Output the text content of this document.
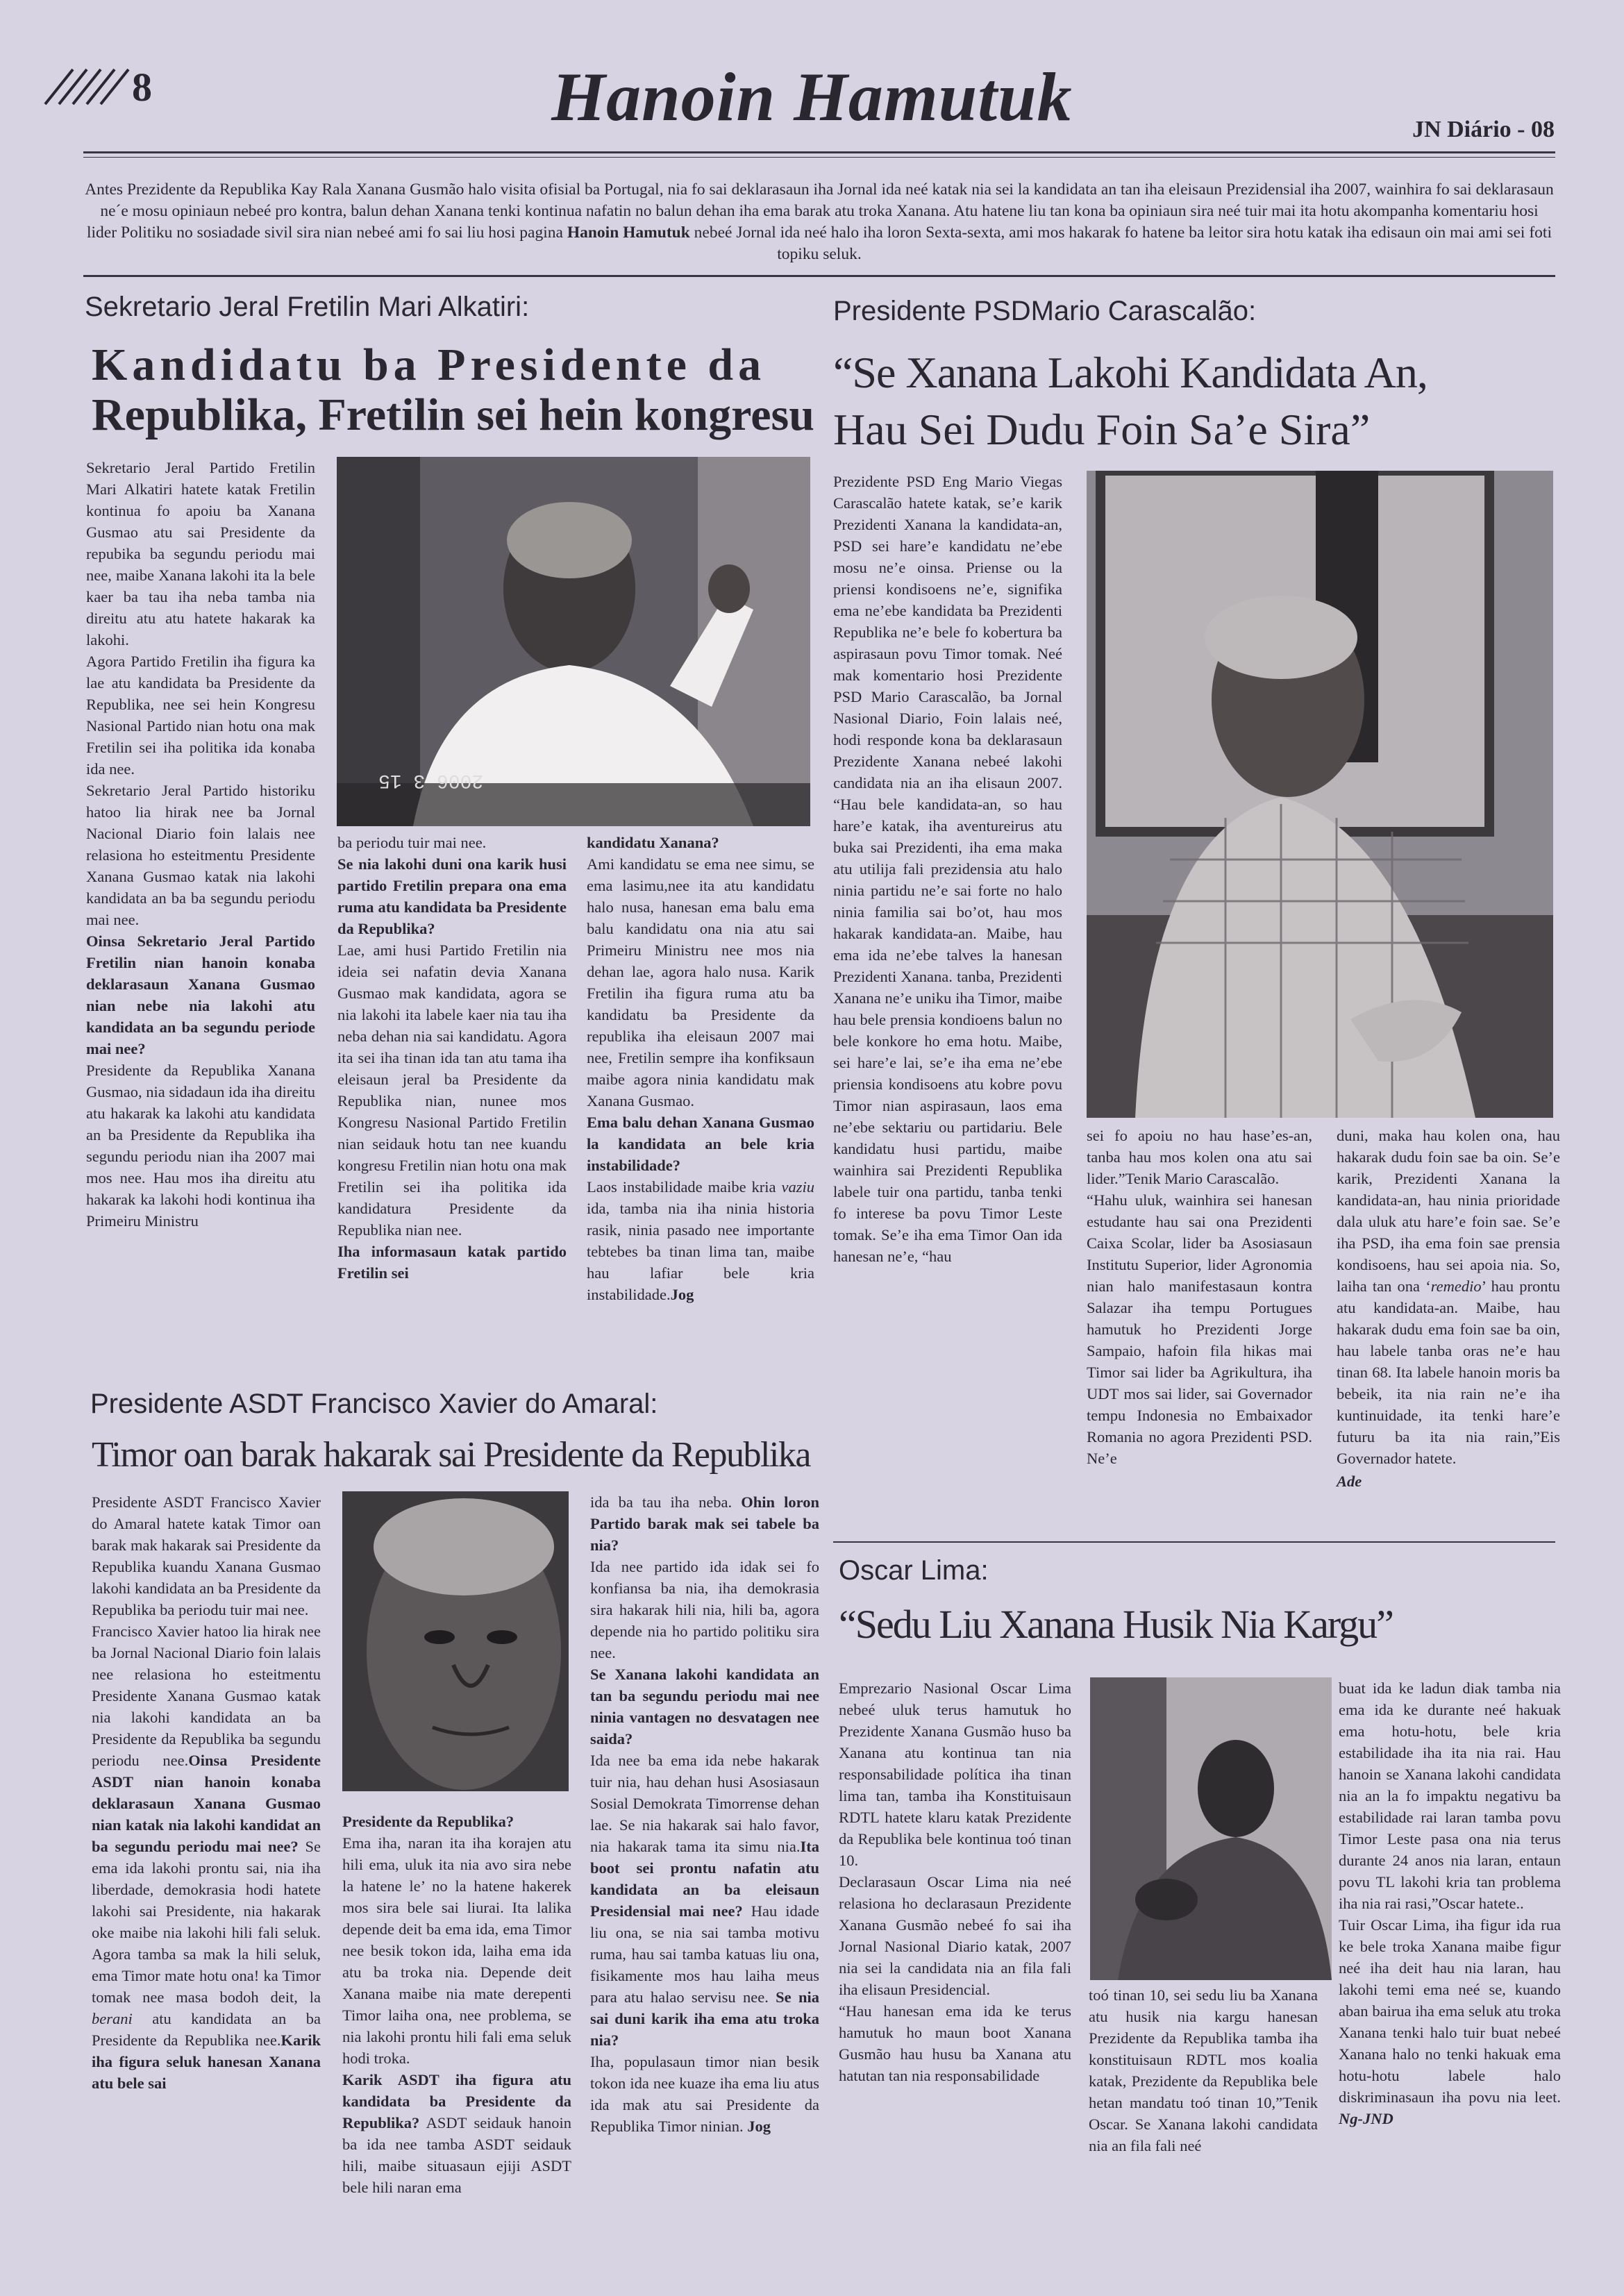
8	Hanoin Hamutuk	JN Diário - 08
Antes Prezidente da Republika Kay Rala Xanana Gusmão halo visita ofisial ba Portugal, nia fo sai deklarasaun iha Jornal ida neé katak nia sei la kandidata an tan iha eleisaun Prezidensial iha 2007, wainhira fo sai deklarasaun ne´e mosu opiniaun nebeé pro kontra, balun dehan Xanana tenki kontinua nafatin no balun dehan iha ema barak atu troka Xanana. Atu hatene liu tan kona ba opiniaun sira neé tuir mai ita hotu akompanha komentariu hosi lider Politiku no sosiadade sivil sira nian nebeé ami fo sai liu hosi pagina Hanoin Hamutuk nebeé Jornal ida neé halo iha loron Sexta-sexta, ami mos hakarak fo hatene ba leitor sira hotu katak iha edisaun oin mai ami sei foti topiku seluk.
Sekretario Jeral Fretilin Mari Alkatiri:
Kandidatu ba Presidente da
Republika, Fretilin sei hein kongresu

Sekretario Jeral Partido Fretilin Mari Alkatiri hatete katak Fretilin kontinua fo apoiu ba Xanana Gusmao atu sai Presidente da repubika ba segundu periodu mai nee, maibe Xanana lakohi ita la bele kaer ba tau iha neba tamba nia direitu atu atu hatete hakarak ka lakohi.

Agora Partido Fretilin iha figura ka lae atu kandidata ba Presidente da Republika, nee sei hein Kongresu Nasional Partido nian hotu ona mak Fretilin sei iha politika ida konaba ida nee.

Sekretario Jeral Partido historiku hatoo lia hirak nee ba Jornal Nacional Diario foin lalais nee relasiona ho esteitmentu Presidente Xanana Gusmao katak nia lakohi kandidata an ba ba segundu periodu mai nee.

Oinsa Sekretario Jeral Partido Fretilin nian hanoin konaba deklarasaun Xanana Gusmao nian nebe nia lakohi atu kandidata an ba segundu periode mai nee?

Presidente da Republika Xanana Gusmao, nia sidadaun ida iha direitu atu hakarak ka lakohi atu kandidata an ba Presidente da Republika iha segundu periodu nian iha 2007 mai mos nee. Hau mos iha direitu atu hakarak ka lakohi hodi kontinua iha Primeiru Ministru

2006 3 15

ba periodu tuir mai nee.

Se nia lakohi duni ona karik husi partido Fretilin prepara ona ema ruma atu kandidata ba Presidente da Republika?

Lae, ami husi Partido Fretilin nia ideia sei nafatin devia Xanana Gusmao mak kandidata, agora se nia lakohi ita labele kaer nia tau iha neba dehan nia sai kandidatu. Agora ita sei iha tinan ida tan atu tama iha eleisaun jeral ba Presidente da Republika nian, nunee mos Kongresu Nasional Partido Fretilin nian seidauk hotu tan nee kuandu kongresu Fretilin nian hotu ona mak Fretilin sei iha politika ida kandidatura Presidente da Republika nian nee.

Iha informasaun katak partido Fretilin sei

kandidatu Xanana?

Ami kandidatu se ema nee simu, se ema lasimu,nee ita atu kandidatu halo nusa, hanesan ema balu ema balu kandidatu ona nia atu sai Primeiru Ministru nee mos nia dehan lae, agora halo nusa. Karik Fretilin iha figura ruma atu ba kandidatu ba Presidente da republika iha eleisaun 2007 mai nee, Fretilin sempre iha konfiksaun maibe agora ninia kandidatu mak Xanana Gusmao.

Ema balu dehan Xanana Gusmao la kandidata an bele kria instabilidade?

Laos instabilidade maibe kria vaziu ida, tamba nia iha ninia historia rasik, ninia pasado nee importante tebtebes ba tinan lima tan, maibe hau lafiar bele kria instabilidade.Jog

Presidente ASDT Francisco Xavier do Amaral:
Timor oan barak hakarak sai Presidente da Republika

Presidente ASDT Francisco Xavier do Amaral hatete katak Timor oan barak mak hakarak sai Presidente da Republika kuandu Xanana Gusmao lakohi kandidata an ba Presidente da Republika ba periodu tuir mai nee.

Francisco Xavier hatoo lia hirak nee ba Jornal Nacional Diario foin lalais nee relasiona ho esteitmentu Presidente Xanana Gusmao katak nia lakohi kandidata an ba Presidente da Republika ba segundu periodu nee.Oinsa Presidente ASDT nian hanoin konaba deklarasaun Xanana Gusmao nian katak nia lakohi kandidat an ba segundu periodu mai nee? Se ema ida lakohi prontu sai, nia iha liberdade, demokrasia hodi hatete lakohi sai Presidente, nia hakarak oke maibe nia lakohi hili fali seluk. Agora tamba sa mak la hili seluk, ema Timor mate hotu ona! ka Timor tomak nee masa bodoh deit, la berani atu kandidata an ba Presidente da Republika nee.Karik iha figura seluk hanesan Xanana atu bele sai

Presidente da Republika?

Ema iha, naran ita iha korajen atu hili ema, uluk ita nia avo sira nebe la hatene le’ no la hatene hakerek mos sira bele sai liurai. Ita lalika depende deit ba ema ida, ema Timor nee besik tokon ida, laiha ema ida atu ba troka nia. Depende deit Xanana maibe nia mate derepenti Timor laiha ona, nee problema, se nia lakohi prontu hili fali ema seluk hodi troka.

Karik ASDT iha figura atu kandidata ba Presidente da Republika? ASDT seidauk hanoin ba ida nee tamba ASDT seidauk hili, maibe situasaun ejiji ASDT bele hili naran ema

ida ba tau iha neba. Ohin loron Partido barak mak sei tabele ba nia?

Ida nee partido ida idak sei fo konfiansa ba nia, iha demokrasia sira hakarak hili nia, hili ba, agora depende nia ho partido politiku sira nee.

Se Xanana lakohi kandidata an tan ba segundu periodu mai nee ninia vantagen no desvatagen nee saida?

Ida nee ba ema ida nebe hakarak tuir nia, hau dehan husi Asosiasaun Sosial Demokrata Timorrense dehan lae. Se nia hakarak sai halo favor, nia hakarak tama ita simu nia.Ita boot sei prontu nafatin atu kandidata an ba eleisaun Presidensial mai nee? Hau idade liu ona, se nia sai tamba motivu ruma, hau sai tamba katuas liu ona, fisikamente mos hau laiha meus para atu halao servisu nee. Se nia sai duni karik iha ema atu troka nia?

Iha, populasaun timor nian besik tokon ida nee kuaze iha ema liu atus ida mak atu sai Presidente da Republika Timor ninian. Jog

Presidente PSDMario Carascalão:
“Se Xanana Lakohi Kandidata An,
Hau Sei Dudu Foin Sa’e Sira”

Prezidente PSD Eng Mario Viegas Carascalão hatete katak, se’e karik Prezidenti Xanana la kandidata-an, PSD sei hare’e kandidatu ne’ebe mosu ne’e oinsa. Priense ou la priensi kondisoens ne’e, signifika ema ne’ebe kandidata ba Prezidenti Republika ne’e bele fo kobertura ba aspirasaun povu Timor tomak. Neé mak komentario hosi Prezidente PSD Mario Carascalão, ba Jornal Nasional Diario, Foin lalais neé, hodi responde kona ba deklarasaun Prezidente Xanana nebeé lakohi candidata nia an iha elisaun 2007. “Hau bele kandidata-an, so hau hare’e katak, iha aventureirus atu buka sai Prezidenti, iha ema maka atu utilija fali prezidensia atu halo ninia partidu ne’e sai forte no halo ninia familia sai bo’ot, hau mos hakarak kandidata-an. Maibe, hau ema ida ne’ebe talves la hanesan Prezidenti Xanana. tanba, Prezidenti Xanana ne’e uniku iha Timor, maibe hau bele prensia kondioens balun no bele konkore ho ema hotu. Maibe, sei hare’e lai, se’e iha ema ne’ebe priensia kondisoens atu kobre povu Timor nian aspirasaun, laos ema ne’ebe sektariu ou partidariu. Bele kandidatu husi partidu, maibe wainhira sai Prezidenti Republika labele tuir ona partidu, tanba tenki fo interese ba povu Timor Leste tomak. Se’e iha ema Timor Oan ida hanesan ne’e, “hau

sei fo apoiu no hau hase’es-an, tanba hau mos kolen ona atu sai lider.”Tenik Mario Carascalão.

“Hahu uluk, wainhira sei hanesan estudante hau sai ona Prezidenti Caixa Scolar, lider ba Asosiasaun Institutu Superior, lider Agronomia nian halo manifestasaun kontra Salazar iha tempu Portugues hamutuk ho Prezidenti Jorge Sampaio, hafoin fila hikas mai Timor sai lider ba Agrikultura, iha UDT mos sai lider, sai Governador tempu Indonesia no Embaixador Romania no agora Prezidenti PSD. Ne’e

duni, maka hau kolen ona, hau hakarak dudu foin sae ba oin. Se’e karik, Prezidenti Xanana la kandidata-an, hau ninia prioridade dala uluk atu hare’e foin sae. Se’e iha PSD, iha ema foin sae prensia kondisoens, hau sei apoia nia. So, laiha tan ona ‘remedio’ hau prontu atu kandidata-an. Maibe, hau hakarak dudu ema foin sae ba oin, hau labele tanba oras ne’e hau tinan 68. Ita labele hanoin moris ba bebeik, ita nia rain ne’e iha kuntinuidade, ita tenki hare’e futuru ba ita nia rain,”Eis Governador hatete.

Ade

Oscar Lima:
“Sedu Liu Xanana Husik Nia Kargu”

Emprezario Nasional Oscar Lima nebeé uluk terus hamutuk ho Prezidente Xanana Gusmão huso ba Xanana atu kontinua tan nia responsabilidade política iha tinan lima tan, tamba iha Konstituisaun RDTL hatete klaru katak Prezidente da Republika bele kontinua toó tinan 10.

Declarasaun Oscar Lima nia neé relasiona ho declarasaun Prezidente Xanana Gusmão nebeé fo sai iha Jornal Nasional Diario katak, 2007 nia sei la candidata nia an fila fali iha elisaun Presidencial.

“Hau hanesan ema ida ke terus hamutuk ho maun boot Xanana Gusmão hau husu ba Xanana atu hatutan tan nia responsabilidade

toó tinan 10, sei sedu liu ba Xanana atu husik nia kargu hanesan Prezidente da Republika tamba iha konstituisaun RDTL mos koalia katak, Prezidente da Republika bele hetan mandatu toó tinan 10,”Tenik Oscar. Se Xanana lakohi candidata nia an fila fali neé

buat ida ke ladun diak tamba nia ema ida ke durante neé hakuak ema hotu-hotu, bele kria estabilidade iha ita nia rai. Hau hanoin se Xanana lakohi candidata nia an la fo impaktu negativu ba estabilidade rai laran tamba povu Timor Leste pasa ona nia terus durante 24 anos nia laran, entaun povu TL lakohi kria tan problema iha nia rai rasi,”Oscar hatete..

Tuir Oscar Lima, iha figur ida rua ke bele troka Xanana maibe figur neé iha deit hau nia laran, hau lakohi temi ema neé se, kuando aban bairua iha ema seluk atu troka Xanana tenki halo tuir buat nebeé Xanana halo no tenki hakuak ema hotu-hotu labele halo diskriminasaun iha povu nia leet. Ng-JND
